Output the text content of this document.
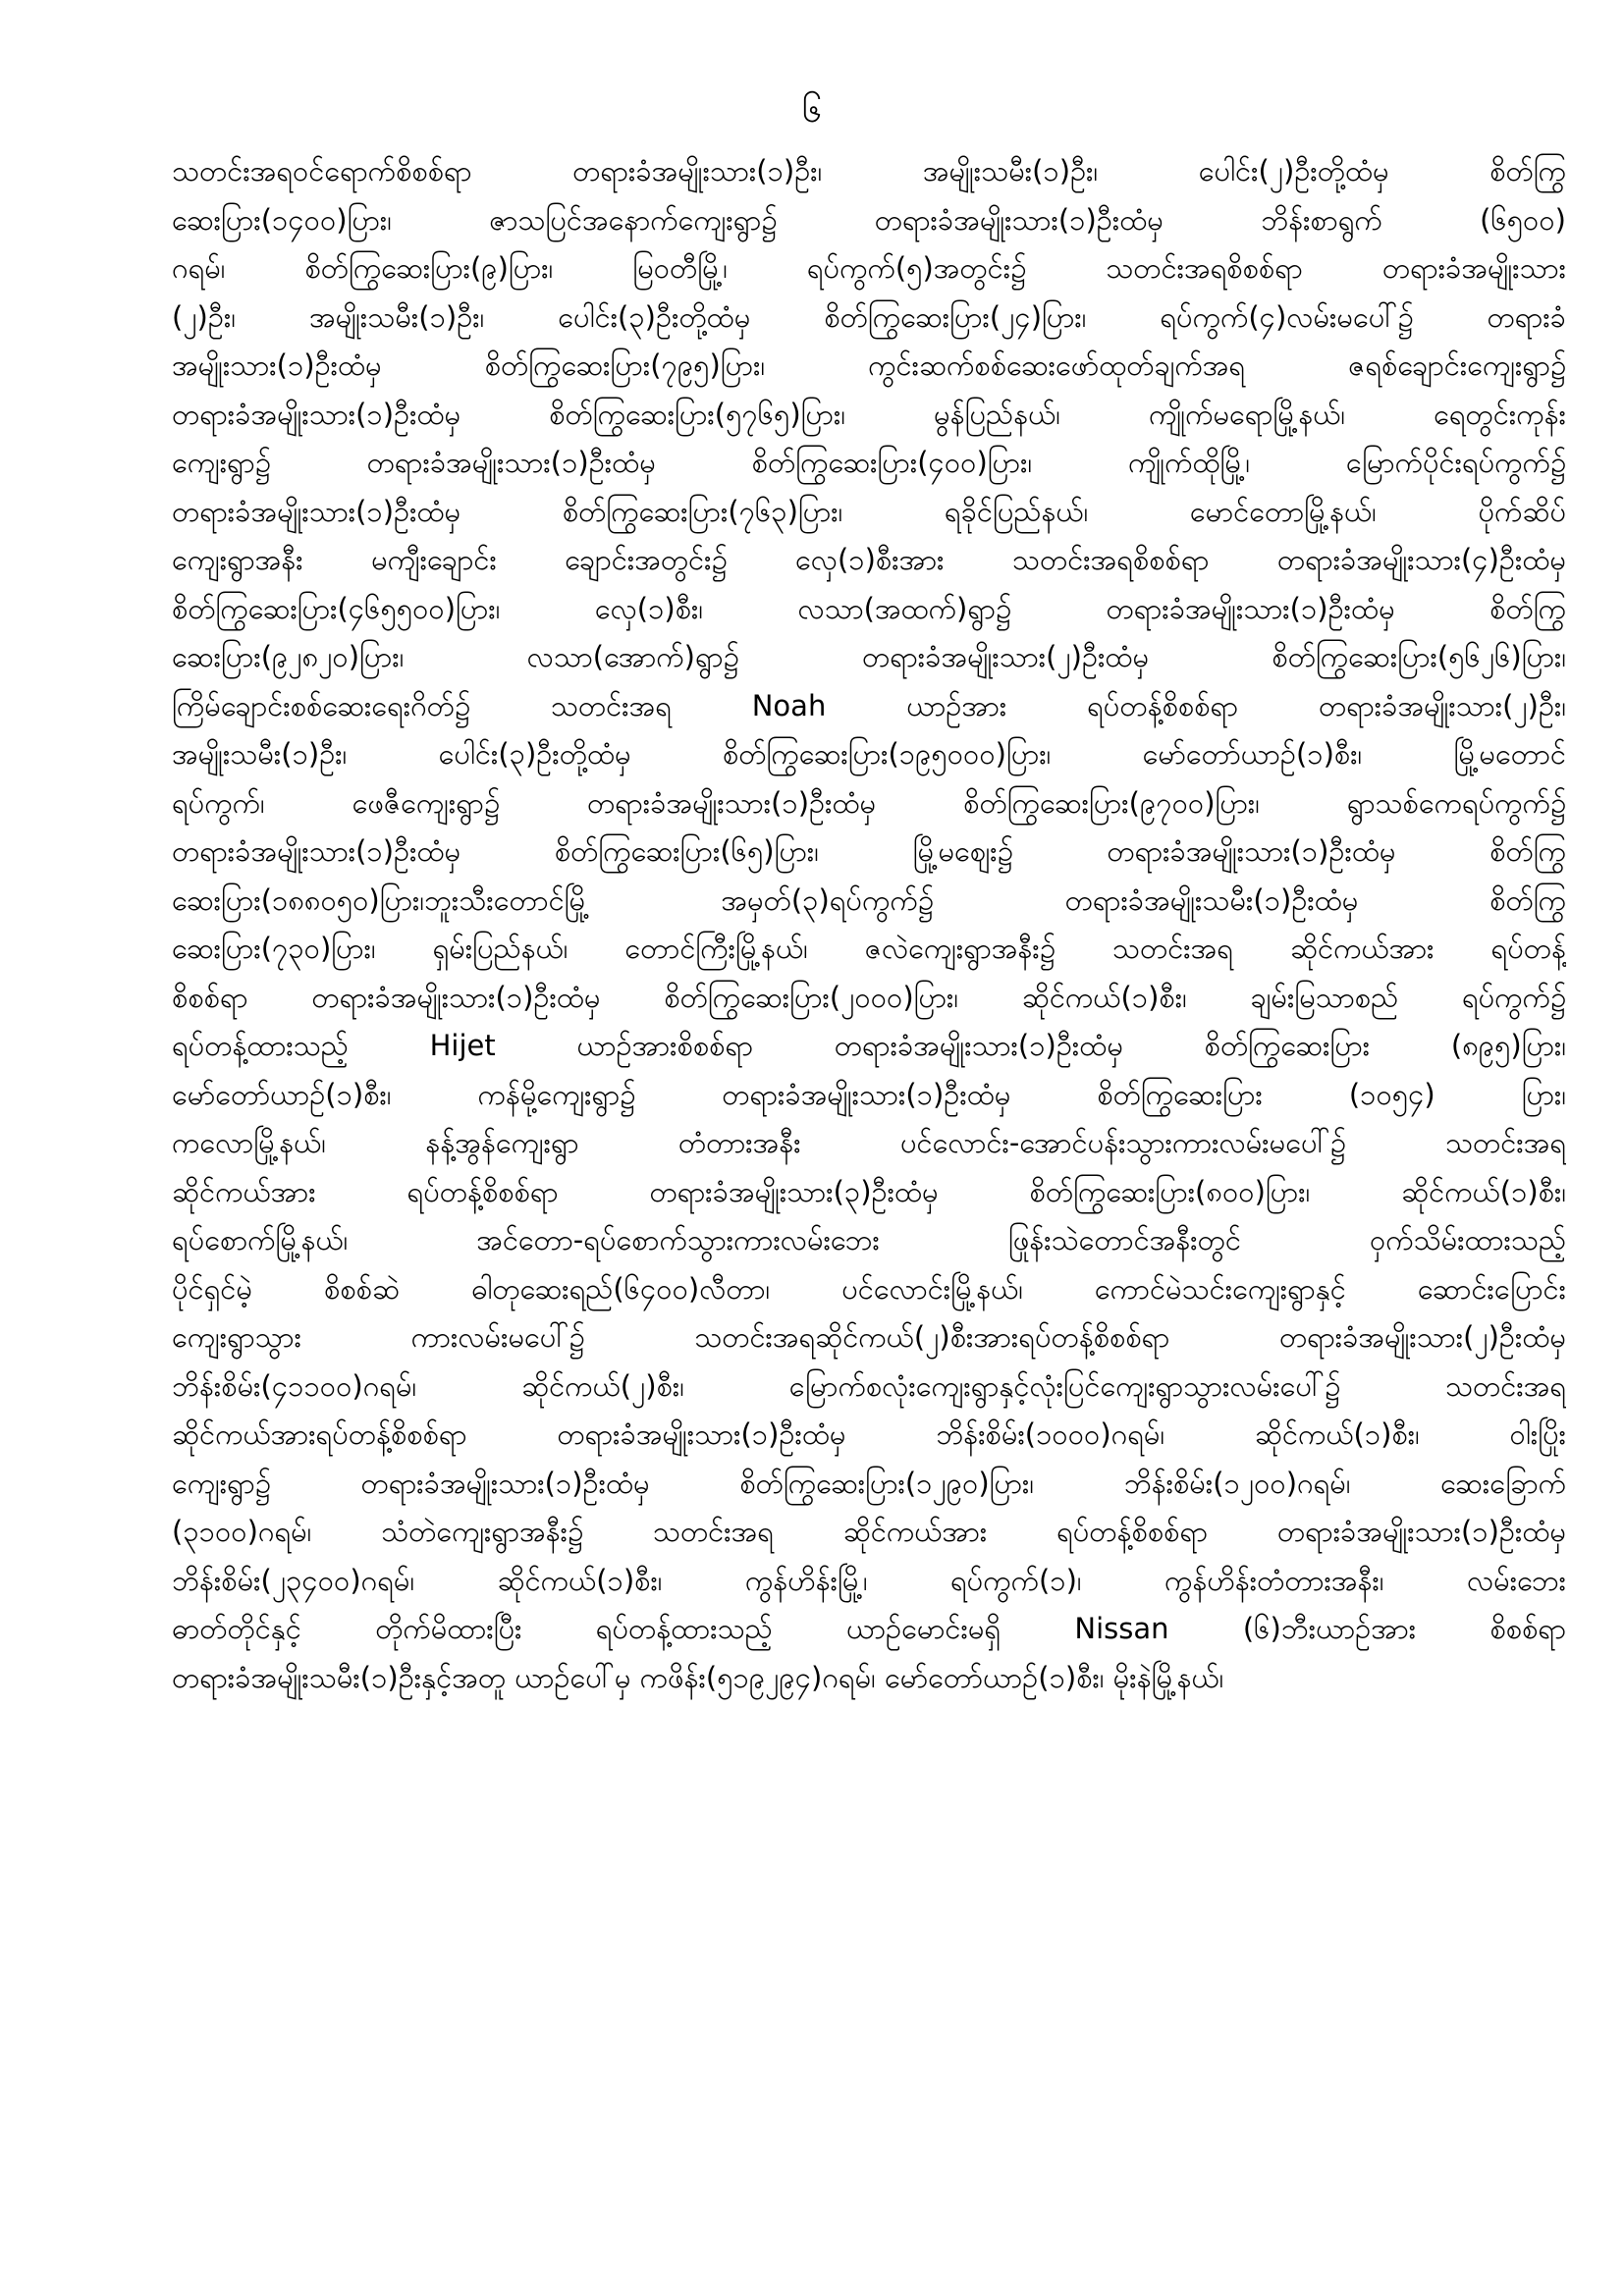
၆
သတင်းအရဝင်ရောက်စိစစ်ရာ တရားခံအမျိုးသား(၁)ဦး၊ အမျိုးသမီး(၁)ဦး၊ ပေါင်း(၂)ဦးတို့ထံမှ စိတ်ကြွ
ဆေးပြား(၁၄၀၀)ပြား၊ ဇာသပြင်အနောက်ကျေးရွာ၌ တရားခံအမျိုးသား(၁)ဦးထံမှ ဘိန်းစာရွက် (၆၅၀၀)
ဂရမ်၊ စိတ်ကြွဆေးပြား(၉)ပြား၊ မြဝတီမြို့၊ ရပ်ကွက်(၅)အတွင်း၌ သတင်းအရစိစစ်ရာ တရားခံအမျိုးသား
(၂)ဦး၊ အမျိုးသမီး(၁)ဦး၊ ပေါင်း(၃)ဦးတို့ထံမှ စိတ်ကြွဆေးပြား(၂၄)ပြား၊ ရပ်ကွက်(၄)လမ်းမပေါ်၌ တရားခံ
အမျိုးသား(၁)ဦးထံမှ စိတ်ကြွဆေးပြား(၇၉၅)ပြား၊ ကွင်းဆက်စစ်ဆေးဖော်ထုတ်ချက်အရ ဇရစ်ချောင်းကျေးရွာ၌
တရားခံအမျိုးသား(၁)ဦးထံမှ စိတ်ကြွဆေးပြား(၅၇၆၅)ပြား၊ မွန်ပြည်နယ်၊ ကျိုက်မရောမြို့နယ်၊ ရေတွင်းကုန်း
ကျေးရွာ၌ တရားခံအမျိုးသား(၁)ဦးထံမှ စိတ်ကြွဆေးပြား(၄၀၀)ပြား၊ ကျိုက်ထိုမြို့၊ မြောက်ပိုင်းရပ်ကွက်၌
တရားခံအမျိုးသား(၁)ဦးထံမှ စိတ်ကြွဆေးပြား(၇၆၃)ပြား၊ ရခိုင်ပြည်နယ်၊ မောင်တောမြို့နယ်၊ ပိုက်ဆိပ်
ကျေးရွာအနီး မကျီးချောင်း ချောင်းအတွင်း၌ လှေ(၁)စီးအား သတင်းအရစိစစ်ရာ တရားခံအမျိုးသား(၄)ဦးထံမှ
စိတ်ကြွဆေးပြား(၄၆၅၅၀၀)ပြား၊ လှေ(၁)စီး၊ လသာ(အထက်)ရွာ၌ တရားခံအမျိုးသား(၁)ဦးထံမှ စိတ်ကြွ
ဆေးပြား(၉၂၈၂၀)ပြား၊ လသာ(အောက်)ရွာ၌ တရားခံအမျိုးသား(၂)ဦးထံမှ စိတ်ကြွဆေးပြား(၅၆၂၆)ပြား၊
ကြိမ်ချောင်းစစ်ဆေးရေးဂိတ်၌ သတင်းအရ Noah ယာဉ်အား ရပ်တန့်စိစစ်ရာ တရားခံအမျိုးသား(၂)ဦး၊
အမျိုးသမီး(၁)ဦး၊ ပေါင်း(၃)ဦးတို့ထံမှ စိတ်ကြွဆေးပြား(၁၉၅၀၀၀)ပြား၊ မော်တော်ယာဉ်(၁)စီး၊ မြို့မတောင်
ရပ်ကွက်၊ ဖေဇီကျေးရွာ၌ တရားခံအမျိုးသား(၁)ဦးထံမှ စိတ်ကြွဆေးပြား(၉၇၀၀)ပြား၊ ရွာသစ်ကေရပ်ကွက်၌
တရားခံအမျိုးသား(၁)ဦးထံမှ စိတ်ကြွဆေးပြား(၆၅)ပြား၊ မြို့မဈေး၌ တရားခံအမျိုးသား(၁)ဦးထံမှ စိတ်ကြွ
ဆေးပြား(၁၈၈၀၅၀)ပြား၊ဘူးသီးတောင်မြို့ အမှတ်(၃)ရပ်ကွက်၌ တရားခံအမျိုးသမီး(၁)ဦးထံမှ စိတ်ကြွ
ဆေးပြား(၇၃၀)ပြား၊ ရှမ်းပြည်နယ်၊ တောင်ကြီးမြို့နယ်၊ ဇလဲကျေးရွာအနီး၌ သတင်းအရ ဆိုင်ကယ်အား ရပ်တန့်
စိစစ်ရာ တရားခံအမျိုးသား(၁)ဦးထံမှ စိတ်ကြွဆေးပြား(၂၀၀၀)ပြား၊ ဆိုင်ကယ်(၁)စီး၊ ချမ်းမြသာစည် ရပ်ကွက်၌
ရပ်တန့်ထားသည့် Hijet ယာဉ်အားစိစစ်ရာ တရားခံအမျိုးသား(၁)ဦးထံမှ စိတ်ကြွဆေးပြား (၈၉၅)ပြား၊
မော်တော်ယာဉ်(၁)စီး၊ ကန်မို့ကျေးရွာ၌ တရားခံအမျိုးသား(၁)ဦးထံမှ စိတ်ကြွဆေးပြား (၁၀၅၄) ပြား၊
ကလောမြို့နယ်၊ နန့်အွန်ကျေးရွာ တံတားအနီး ပင်လောင်း-အောင်ပန်းသွားကားလမ်းမပေါ်၌ သတင်းအရ
ဆိုင်ကယ်အား ရပ်တန့်စိစစ်ရာ တရားခံအမျိုးသား(၃)ဦးထံမှ စိတ်ကြွဆေးပြား(၈၀၀)ပြား၊ ဆိုင်ကယ်(၁)စီး၊
ရပ်စောက်မြို့နယ်၊ အင်တော-ရပ်စောက်သွားကားလမ်းဘေး ဖြုန်းသဲတောင်အနီးတွင် ဝှက်သိမ်းထားသည့်
ပိုင်ရှင်မဲ့ စိစစ်ဆဲ ဓါတုဆေးရည်(၆၄၀၀)လီတာ၊ ပင်လောင်းမြို့နယ်၊ ကောင်မဲသင်းကျေးရွာနှင့် ဆောင်းပြောင်း
ကျေးရွာသွား ကားလမ်းမပေါ်၌ သတင်းအရဆိုင်ကယ်(၂)စီးအားရပ်တန့်စိစစ်ရာ တရားခံအမျိုးသား(၂)ဦးထံမှ
ဘိန်းစိမ်း(၄၁၁၀၀)ဂရမ်၊ ဆိုင်ကယ်(၂)စီး၊ မြောက်စလုံးကျေးရွာနှင့်လုံးပြင်ကျေးရွာသွားလမ်းပေါ်၌ သတင်းအရ
ဆိုင်ကယ်အားရပ်တန့်စိစစ်ရာ တရားခံအမျိုးသား(၁)ဦးထံမှ ဘိန်းစိမ်း(၁၀၀၀)ဂရမ်၊ ဆိုင်ကယ်(၁)စီး၊ ဝါးပြိုး
ကျေးရွာ၌ တရားခံအမျိုးသား(၁)ဦးထံမှ စိတ်ကြွဆေးပြား(၁၂၉၀)ပြား၊ ဘိန်းစိမ်း(၁၂၀၀)ဂရမ်၊ ဆေးခြောက်
(၃၁၀၀)ဂရမ်၊ သံတဲကျေးရွာအနီး၌ သတင်းအရ ဆိုင်ကယ်အား ရပ်တန့်စိစစ်ရာ တရားခံအမျိုးသား(၁)ဦးထံမှ
ဘိန်းစိမ်း(၂၃၄၀၀)ဂရမ်၊ ဆိုင်ကယ်(၁)စီး၊ ကွန်ဟိန်းမြို့၊ ရပ်ကွက်(၁)၊ ကွန်ဟိန်းတံတားအနီး၊ လမ်းဘေး
ဓာတ်တိုင်နှင့် တိုက်မိထားပြီး ရပ်တန့်ထားသည့် ယာဉ်မောင်းမရှိ Nissan (၆)ဘီးယာဉ်အား စိစစ်ရာ
တရားခံအမျိုးသမီး(၁)ဦးနှင့်အတူ ယာဉ်ပေါ်မှ ကဖိန်း(၅၁၉၂၉၄)ဂရမ်၊ မော်တော်ယာဉ်(၁)စီး၊ မိုးနဲမြို့နယ်၊
